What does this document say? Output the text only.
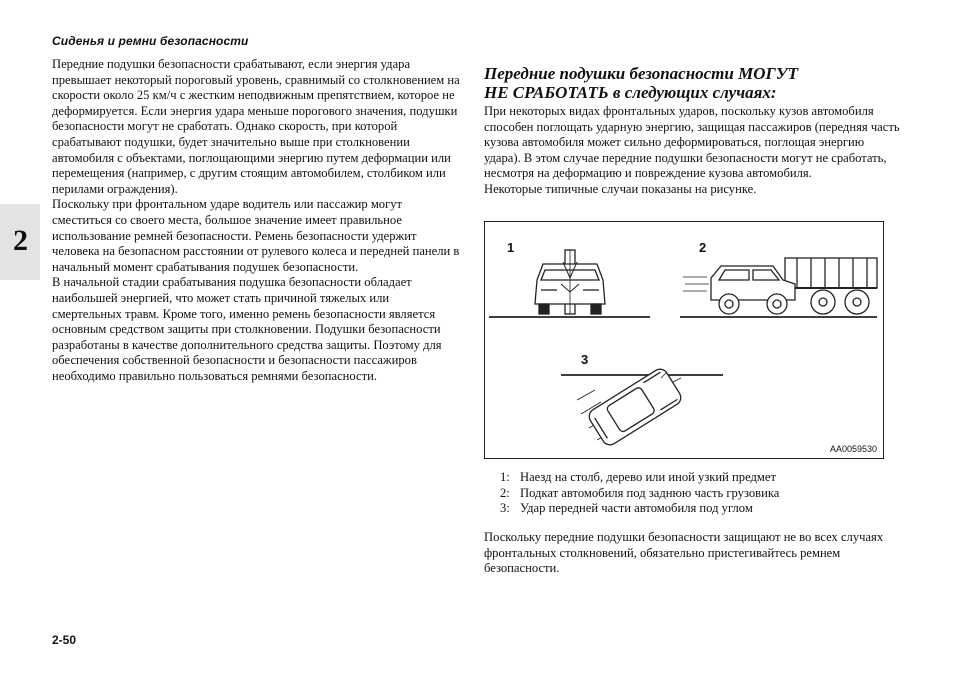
Сиденья и ремни безопасности
2

Передние подушки безопасности срабатывают, если энергия удара превышает некоторый пороговый уровень, сравнимый со столкновением на скорости около 25 км/ч с жестким неподвижным препятствием, которое не деформируется. Если энергия удара меньше порогового значения, подушки безопасности могут не сработать. Однако скорость, при которой срабатывают подушки, будет значительно выше при столкновении автомобиля с объектами, поглощающими энергию путем деформации или перемещения (например, с другим стоящим автомобилем, столбиком или перилами ограждения).

Поскольку при фронтальном ударе водитель или пассажир могут сместиться со своего места, большое значение имеет правильное использование ремней безопасности. Ремень безопасности удержит человека на безопасном расстоянии от рулевого колеса и передней панели в начальный момент срабатывания подушек безопасности.

В начальной стадии срабатывания подушка безопасности обладает наибольшей энергией, что может стать причиной тяжелых или смертельных травм. Кроме того, именно ремень безопасности является основным средством защиты при столкновении. Подушки безопасности разработаны в качестве дополнительного средства защиты. Поэтому для обеспечения собственной безопасности и безопасности пассажиров необходимо правильно пользоваться ремнями безопасности.

Передние подушки безопасности МОГУТ
НЕ СРАБОТАТЬ в следующих случаях:

При некоторых видах фронтальных ударов, поскольку кузов автомобиля способен поглощать ударную энергию, защищая пассажиров (передняя часть кузова автомобиля может сильно деформироваться, поглощая энергию удара). В этом случае передние подушки безопасности могут не сработать, несмотря на деформацию и повреждение кузова автомобиля.

Некоторые типичные случаи показаны на рисунке.

1	2
3
AA0059530
1: Наезд на столб, дерево или иной узкий предмет
2: Подкат автомобиля под заднюю часть грузовика
3: Удар передней части автомобиля под углом

Поскольку передние подушки безопасности защищают не во всех случаях фронтальных столкновений, обязательно пристегивайтесь ремнем безопасности.

2-50
